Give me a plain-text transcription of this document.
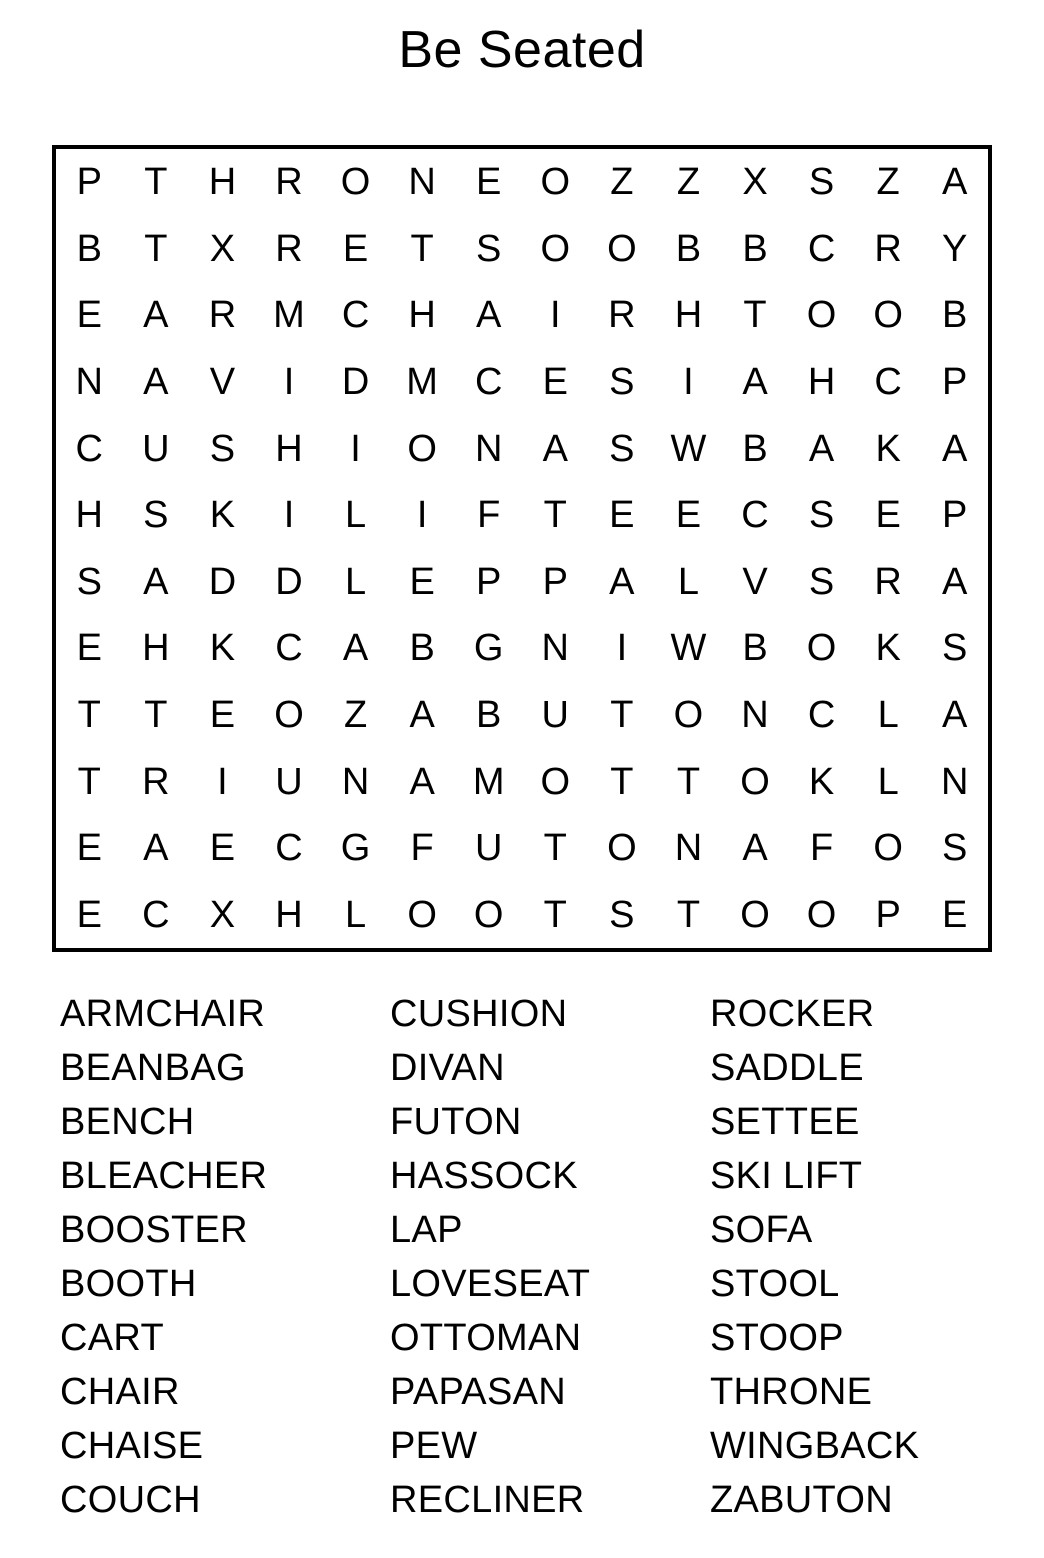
Be Seated
P T H R O N E O Z Z X S Z A
B T X R E T S O O B B C R Y
E A R M C H A I R H T O O B
N A V I D M C E S I A H C P
C U S H I O N A S W B A K A
H S K I L I F T E E C S E P
S A D D L E P P A L V S R A
E H K C A B G N I W B O K S
T T E O Z A B U T O N C L A
T R I U N A M O T T O K L N
E A E C G F U T O N A F O S
E C X H L O O T S T O O P E
ARMCHAIR
BEANBAG
BENCH
BLEACHER
BOOSTER
BOOTH
CART
CHAIR
CHAISE
COUCH
CUSHION
DIVAN
FUTON
HASSOCK
LAP
LOVESEAT
OTTOMAN
PAPASAN
PEW
RECLINER
ROCKER
SADDLE
SETTEE
SKI LIFT
SOFA
STOOL
STOOP
THRONE
WINGBACK
ZABUTON
